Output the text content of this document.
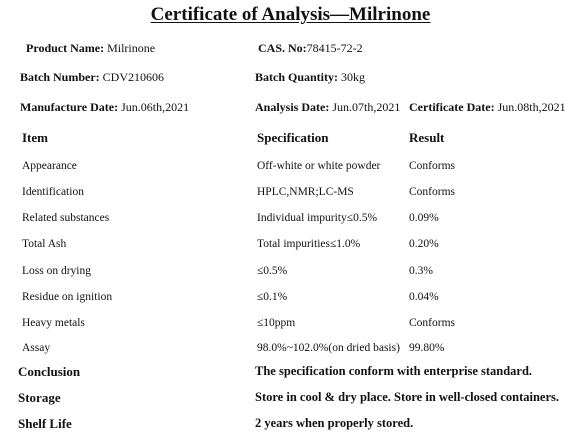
Certificate of Analysis—Milrinone
Product Name: Milrinone	CAS. No:78415-72-2
Batch Number: CDV210606	Batch Quantity: 30kg
Manufacture Date: Jun.06th,2021	Analysis Date: Jun.07th,2021 Certificate Date: Jun.08th,2021
Item	Specification	Result
Appearance	Off-white or white powder Conforms
Identification	HPLC,NMR;LC-MS	Conforms
Related substances	Individual impurity≤0.5%	0.09%
Total Ash	Total impurities≤1.0%	0.20%
Loss on drying	≤0.5%	0.3%
Residue on ignition	≤0.1%	0.04%
Heavy metals	≤10ppm	Conforms
Assay	98.0%~102.0%(on dried basis) 99.80%
Conclusion	The specification conform with enterprise standard.
Storage	Store in cool & dry place. Store in well-closed containers.
Shelf Life	2 years when properly stored.
